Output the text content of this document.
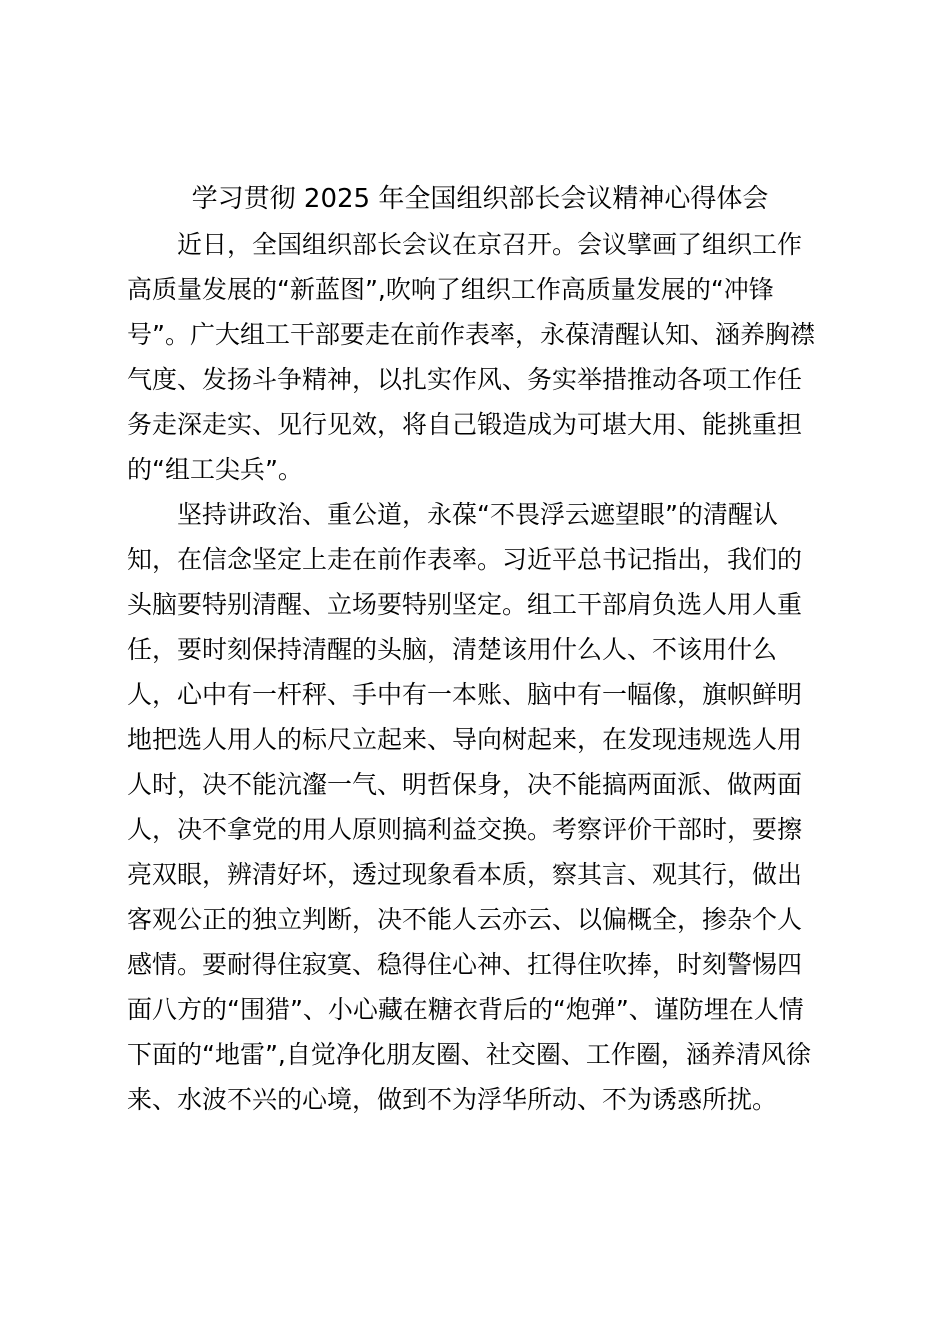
学习贯彻 2025 年全国组织部长会议精神心得体会
　　近日，全国组织部长会议在京召开。会议擘画了组织工作
高质量发展的“新蓝图”,吹响了组织工作高质量发展的“冲锋
号”。广大组工干部要走在前作表率，永葆清醒认知、涵养胸襟
气度、发扬斗争精神，以扎实作风、务实举措推动各项工作任
务走深走实、见行见效，将自己锻造成为可堪大用、能挑重担
的“组工尖兵”。
　　坚持讲政治、重公道，永葆“不畏浮云遮望眼”的清醒认
知，在信念坚定上走在前作表率。习近平总书记指出，我们的
头脑要特别清醒、立场要特别坚定。组工干部肩负选人用人重
任，要时刻保持清醒的头脑，清楚该用什么人、不该用什么
人，心中有一杆秤、手中有一本账、脑中有一幅像，旗帜鲜明
地把选人用人的标尺立起来、导向树起来，在发现违规选人用
人时，决不能沆瀣一气、明哲保身，决不能搞两面派、做两面
人，决不拿党的用人原则搞利益交换。考察评价干部时，要擦
亮双眼，辨清好坏，透过现象看本质，察其言、观其行，做出
客观公正的独立判断，决不能人云亦云、以偏概全，掺杂个人
感情。要耐得住寂寞、稳得住心神、扛得住吹捧，时刻警惕四
面八方的“围猎”、小心藏在糖衣背后的“炮弹”、谨防埋在人情
下面的“地雷”,自觉净化朋友圈、社交圈、工作圈，涵养清风徐
来、水波不兴的心境，做到不为浮华所动、不为诱惑所扰。
